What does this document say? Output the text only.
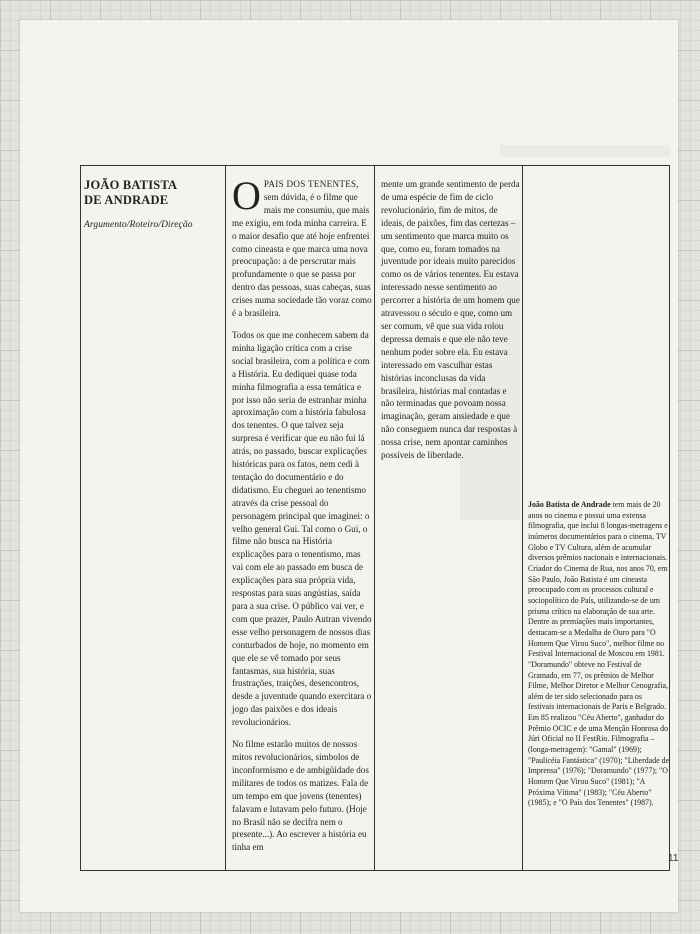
JOÃO BATISTA
DE ANDRADE

Argumento/Roteiro/Direção

OPAIS DOS TENENTES, sem dúvida, é o filme que mais me consumiu, que mais me exigiu, em toda minha carreira. E o maior desafio que até hoje enfrentei como cineasta e que marca uma nova preocupação: a de perscrutar mais profundamente o que se passa por dentro das pessoas, suas cabeças, suas crises numa sociedade tão voraz como é a brasileira.

Todos os que me conhecem sabem da minha ligação crítica com a crise social brasileira, com a política e com a História. Eu dediquei quase toda minha filmografia a essa temática e por isso não seria de estranhar minha aproximação com a história fabulosa dos tenentes. O que talvez seja surpresa é verificar que eu não fui lá atrás, no passado, buscar explicações históricas para os fatos, nem cedi à tentação do documentário e do didatismo. Eu cheguei ao tenentismo através da crise pessoal do personagem principal que imaginei: o velho general Gui. Tal como o Gui, o filme não busca na História explicações para o tenentismo, mas vai com ele ao passado em busca de explicações para sua própria vida, respostas para suas angústias, saída para a sua crise. O público vai ver, e com que prazer, Paulo Autran vivendo esse velho personagem de nossos dias conturbados de hoje, no momento em que ele se vê tomado por seus fantasmas, sua história, suas frustrações, traições, desencontros, desde a juventude quando exercitara o jogo das paixões e dos ideais revolucionários.

No filme estarão muitos de nossos mitos revolucionários, símbolos de inconformismo e de ambigüidade dos militares de todos os matizes. Fala de um tempo em que jovens (tenentes) falavam e lutavam pelo futuro. (Hoje no Brasil não se decifra nem o presente...). Ao escrever a história eu tinha em

mente um grande sentimento de perda de uma espécie de fim de ciclo revolucionário, fim de mitos, de ideais, de paixões, fim das certezas – um sentimento que marca muito os que, como eu, foram tomados na juventude por ideais muito parecidos como os de vários tenentes. Eu estava interessado nesse sentimento ao percorrer a história de um homem que atravessou o século e que, como um ser comum, vê que sua vida rolou depressa demais e que ele não teve nenhum poder sobre ela. Eu estava interessado em vasculhar estas histórias inconclusas da vida brasileira, histórias mal contadas e não terminadas que povoam nossa imaginação, geram ansiedade e que não conseguem nunca dar respostas à nossa crise, nem apontar caminhos possíveis de liberdade.

João Batista de Andrade tem mais de 20 anos no cinema e possui uma extensa filmografia, que inclui 8 longas-metragens e inúmeros documentários para o cinema, TV Globo e TV Cultura, além de acumular diversos prêmios nacionais e internacionais. Criador do Cinema de Rua, nos anos 70, em São Paulo, João Batista é um cineasta preocupado com os processos cultural e sociopolítico do País, utilizando-se de um prisma crítico na elaboração de sua arte. Dentre as premiações mais importantes, destacam-se a Medalha de Ouro para "O Homem Que Virou Suco", melhor filme no Festival Internacional de Moscou em 1981. "Doramundo" obteve no Festival de Gramado, em 77, os prêmios de Melhor Filme, Melhor Diretor e Melhor Cenografia, além de ter sido selecionado para os festivais internacionais de Paris e Belgrado. Em 85 realizou "Céu Aberto", ganhador do Prêmio OCIC e de uma Menção Honrosa do Júri Oficial no II FestRio. Filmografia – (longa-metragem): "Gamal" (1969); "Paulicéia Fantástica" (1970); "Liberdade de Imprensa" (1976); "Doramundo" (1977); "O Homem Que Virou Suco" (1981); "A Próxima Vítima" (1983); "Céu Aberto" (1985); e "O País dos Tenentes" (1987).

11
